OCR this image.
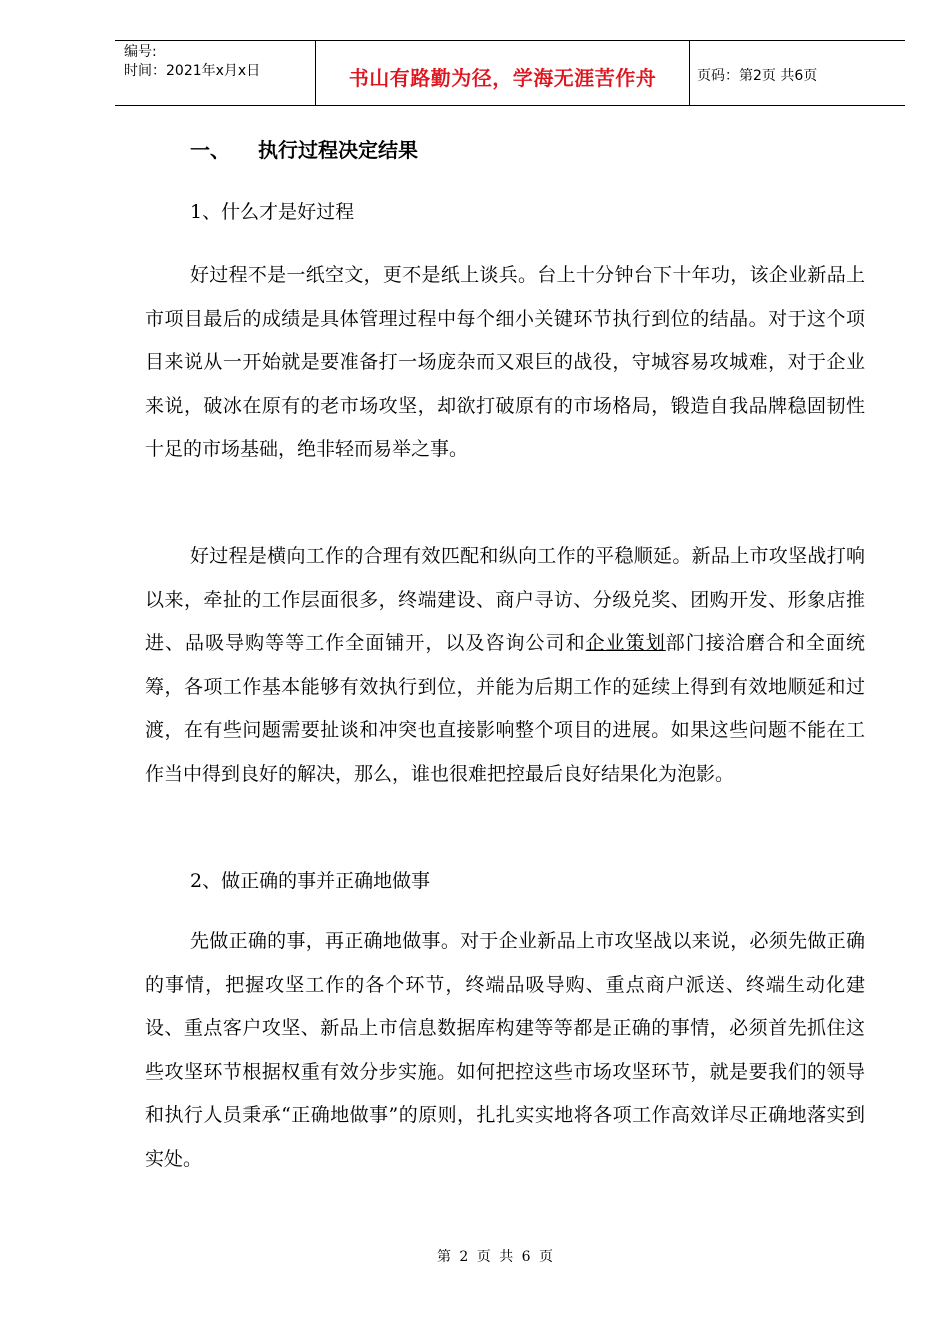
编号:
时间：2021年x月x日	书山有路勤为径，学海无涯苦作舟	页码：第2页 共6页
一、 执行过程决定结果
1、什么才是好过程

好过程不是一纸空文，更不是纸上谈兵。台上十分钟台下十年功，该企业新品上市项目最后的成绩是具体管理过程中每个细小关键环节执行到位的结晶。对于这个项目来说从一开始就是要准备打一场庞杂而又艰巨的战役，守城容易攻城难，对于企业来说，破冰在原有的老市场攻坚，却欲打破原有的市场格局，锻造自我品牌稳固韧性十足的市场基础，绝非轻而易举之事。

好过程是横向工作的合理有效匹配和纵向工作的平稳顺延。新品上市攻坚战打响以来，牵扯的工作层面很多，终端建设、商户寻访、分级兑奖、团购开发、形象店推进、品吸导购等等工作全面铺开，以及咨询公司和企业策划部门接洽磨合和全面统筹，各项工作基本能够有效执行到位，并能为后期工作的延续上得到有效地顺延和过渡，在有些问题需要扯谈和冲突也直接影响整个项目的进展。如果这些问题不能在工作当中得到良好的解决，那么，谁也很难把控最后良好结果化为泡影。

2、做正确的事并正确地做事

先做正确的事，再正确地做事。对于企业新品上市攻坚战以来说，必须先做正确的事情，把握攻坚工作的各个环节，终端品吸导购、重点商户派送、终端生动化建设、重点客户攻坚、新品上市信息数据库构建等等都是正确的事情，必须首先抓住这些攻坚环节根据权重有效分步实施。如何把控这些市场攻坚环节，就是要我们的领导和执行人员秉承“正确地做事”的原则，扎扎实实地将各项工作高效详尽正确地落实到实处。

第 2 页 共 6 页
